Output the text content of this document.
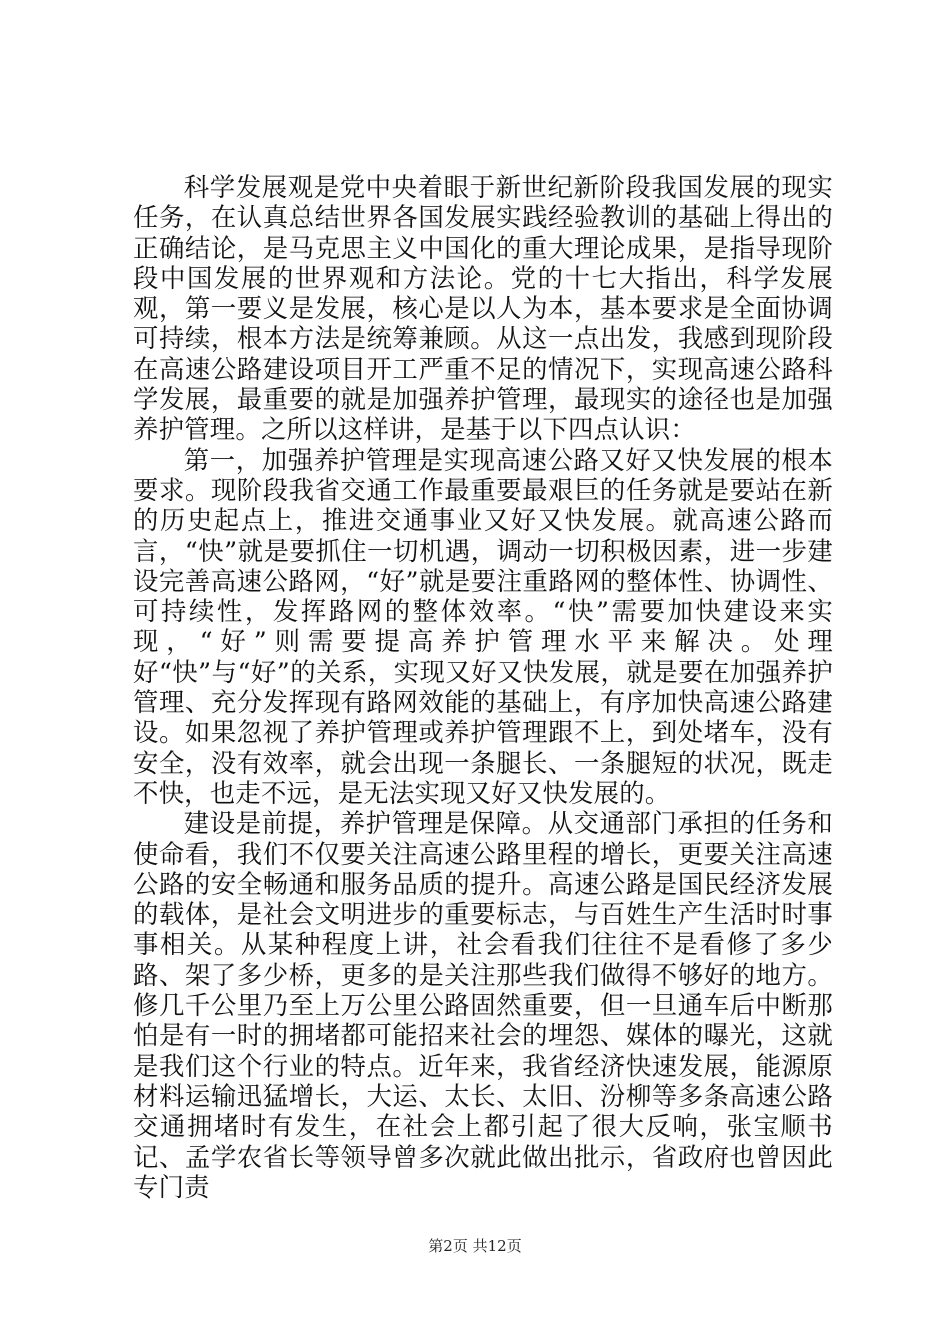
科学发展观是党中央着眼于新世纪新阶段我国发展的现实任务，在认真总结世界各国发展实践经验教训的基础上得出的正确结论，是马克思主义中国化的重大理论成果，是指导现阶段中国发展的世界观和方法论。党的十七大指出，科学发展观，第一要义是发展，核心是以人为本，基本要求是全面协调可持续，根本方法是统筹兼顾。从这一点出发，我感到现阶段在高速公路建设项目开工严重不足的情况下，实现高速公路科学发展，最重要的就是加强养护管理，最现实的途径也是加强养护管理。之所以这样讲，是基于以下四点认识：

第一，加强养护管理是实现高速公路又好又快发展的根本要求。现阶段我省交通工作最重要最艰巨的任务就是要站在新的历史起点上，推进交通事业又好又快发展。就高速公路而言，“快”就是要抓住一切机遇，调动一切积极因素，进一步建设完善高速公路网，“好”就是要注重路网的整体性、协调性、可持续性，发挥路网的整体效率。“快”需要加快建设来实现，“好”则需要提高养护管理水平来解决。处理好“快”与“好”的关系，实现又好又快发展，就是要在加强养护管理、充分发挥现有路网效能的基础上，有序加快高速公路建设。如果忽视了养护管理或养护管理跟不上，到处堵车，没有安全，没有效率，就会出现一条腿长、一条腿短的状况，既走不快，也走不远，是无法实现又好又快发展的。

建设是前提，养护管理是保障。从交通部门承担的任务和使命看，我们不仅要关注高速公路里程的增长，更要关注高速公路的安全畅通和服务品质的提升。高速公路是国民经济发展的载体，是社会文明进步的重要标志，与百姓生产生活时时事事相关。从某种程度上讲，社会看我们往往不是看修了多少路、架了多少桥，更多的是关注那些我们做得不够好的地方。修几千公里乃至上万公里公路固然重要，但一旦通车后中断那怕是有一时的拥堵都可能招来社会的埋怨、媒体的曝光，这就是我们这个行业的特点。近年来，我省经济快速发展，能源原材料运输迅猛增长，大运、太长、太旧、汾柳等多条高速公路交通拥堵时有发生，在社会上都引起了很大反响，张宝顺书记、孟学农省长等领导曾多次就此做出批示，省政府也曾因此专门责

第2页 共12页
